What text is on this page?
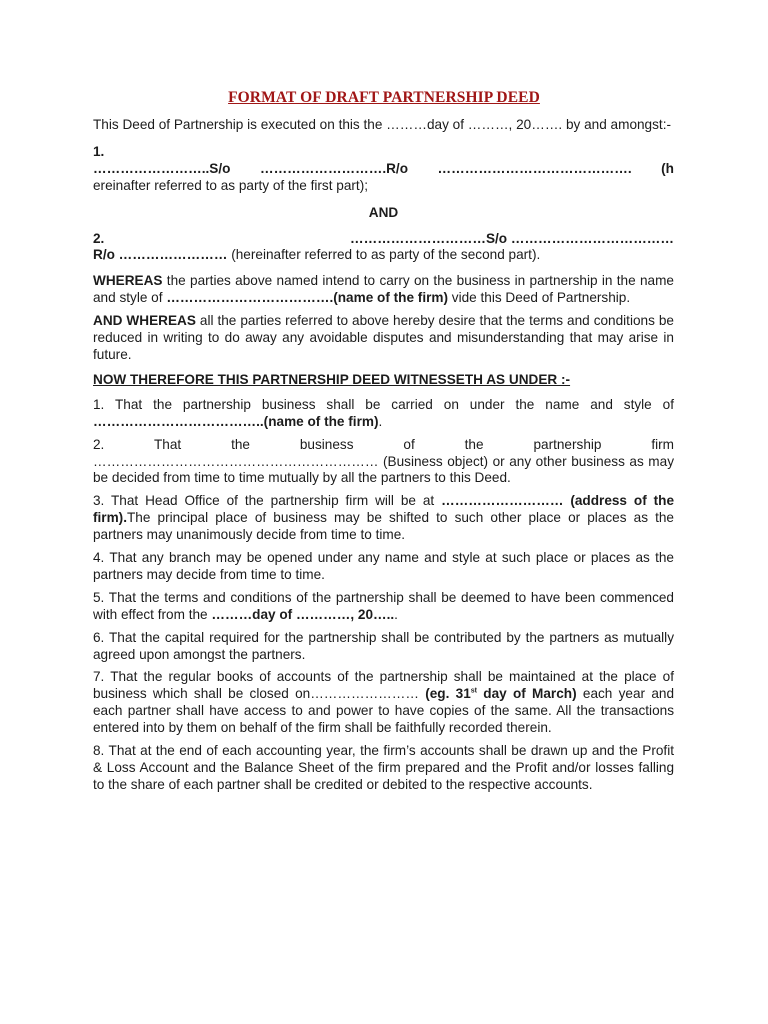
FORMAT OF DRAFT PARTNERSHIP DEED
This Deed of Partnership is executed on this the ………day of ………, 20……. by and amongst:-
1.
……………………..S/o ……………………….R/o ……………………………………. (h
ereinafter referred to as party of the first part);
AND
2.	…………………………S/o ………………………………
R/o …………………… (hereinafter referred to as party of the second part).
WHEREAS the parties above named intend to carry on the business in partnership in the name and style of ……………………………….(name of the firm) vide this Deed of Partnership.
AND WHEREAS all the parties referred to above hereby desire that the terms and conditions be reduced in writing to do away any avoidable disputes and misunderstanding that may arise in future.
NOW THEREFORE THIS PARTNERSHIP DEED WITNESSETH AS UNDER :-
1. That the partnership business shall be carried on under the name and style of ………………………………..(name of the firm).
2.    That    the    business    of    the    partnership    firm
……………………………………………………… (Business object) or any other business as may be decided from time to time mutually by all the partners to this Deed.
3. That Head Office of the partnership firm will be at ……………………… (address of the firm).The principal place of business may be shifted to such other place or places as the partners may unanimously decide from time to time.
4. That any branch may be opened under any name and style at such place or places as the partners may decide from time to time.
5. That the terms and conditions of the partnership shall be deemed to have been commenced with effect from the ………day of …………, 20…...
6. That the capital required for the partnership shall be contributed by the partners as mutually agreed upon amongst the partners.
7. That the regular books of accounts of the partnership shall be maintained at the place of business which shall be closed on…………………… (eg. 31st day of March) each year and each partner shall have access to and power to have copies of the same. All the transactions entered into by them on behalf of the firm shall be faithfully recorded therein.
8. That at the end of each accounting year, the firm’s accounts shall be drawn up and the Profit & Loss Account and the Balance Sheet of the firm prepared and the Profit and/or losses falling to the share of each partner shall be credited or debited to the respective accounts.
